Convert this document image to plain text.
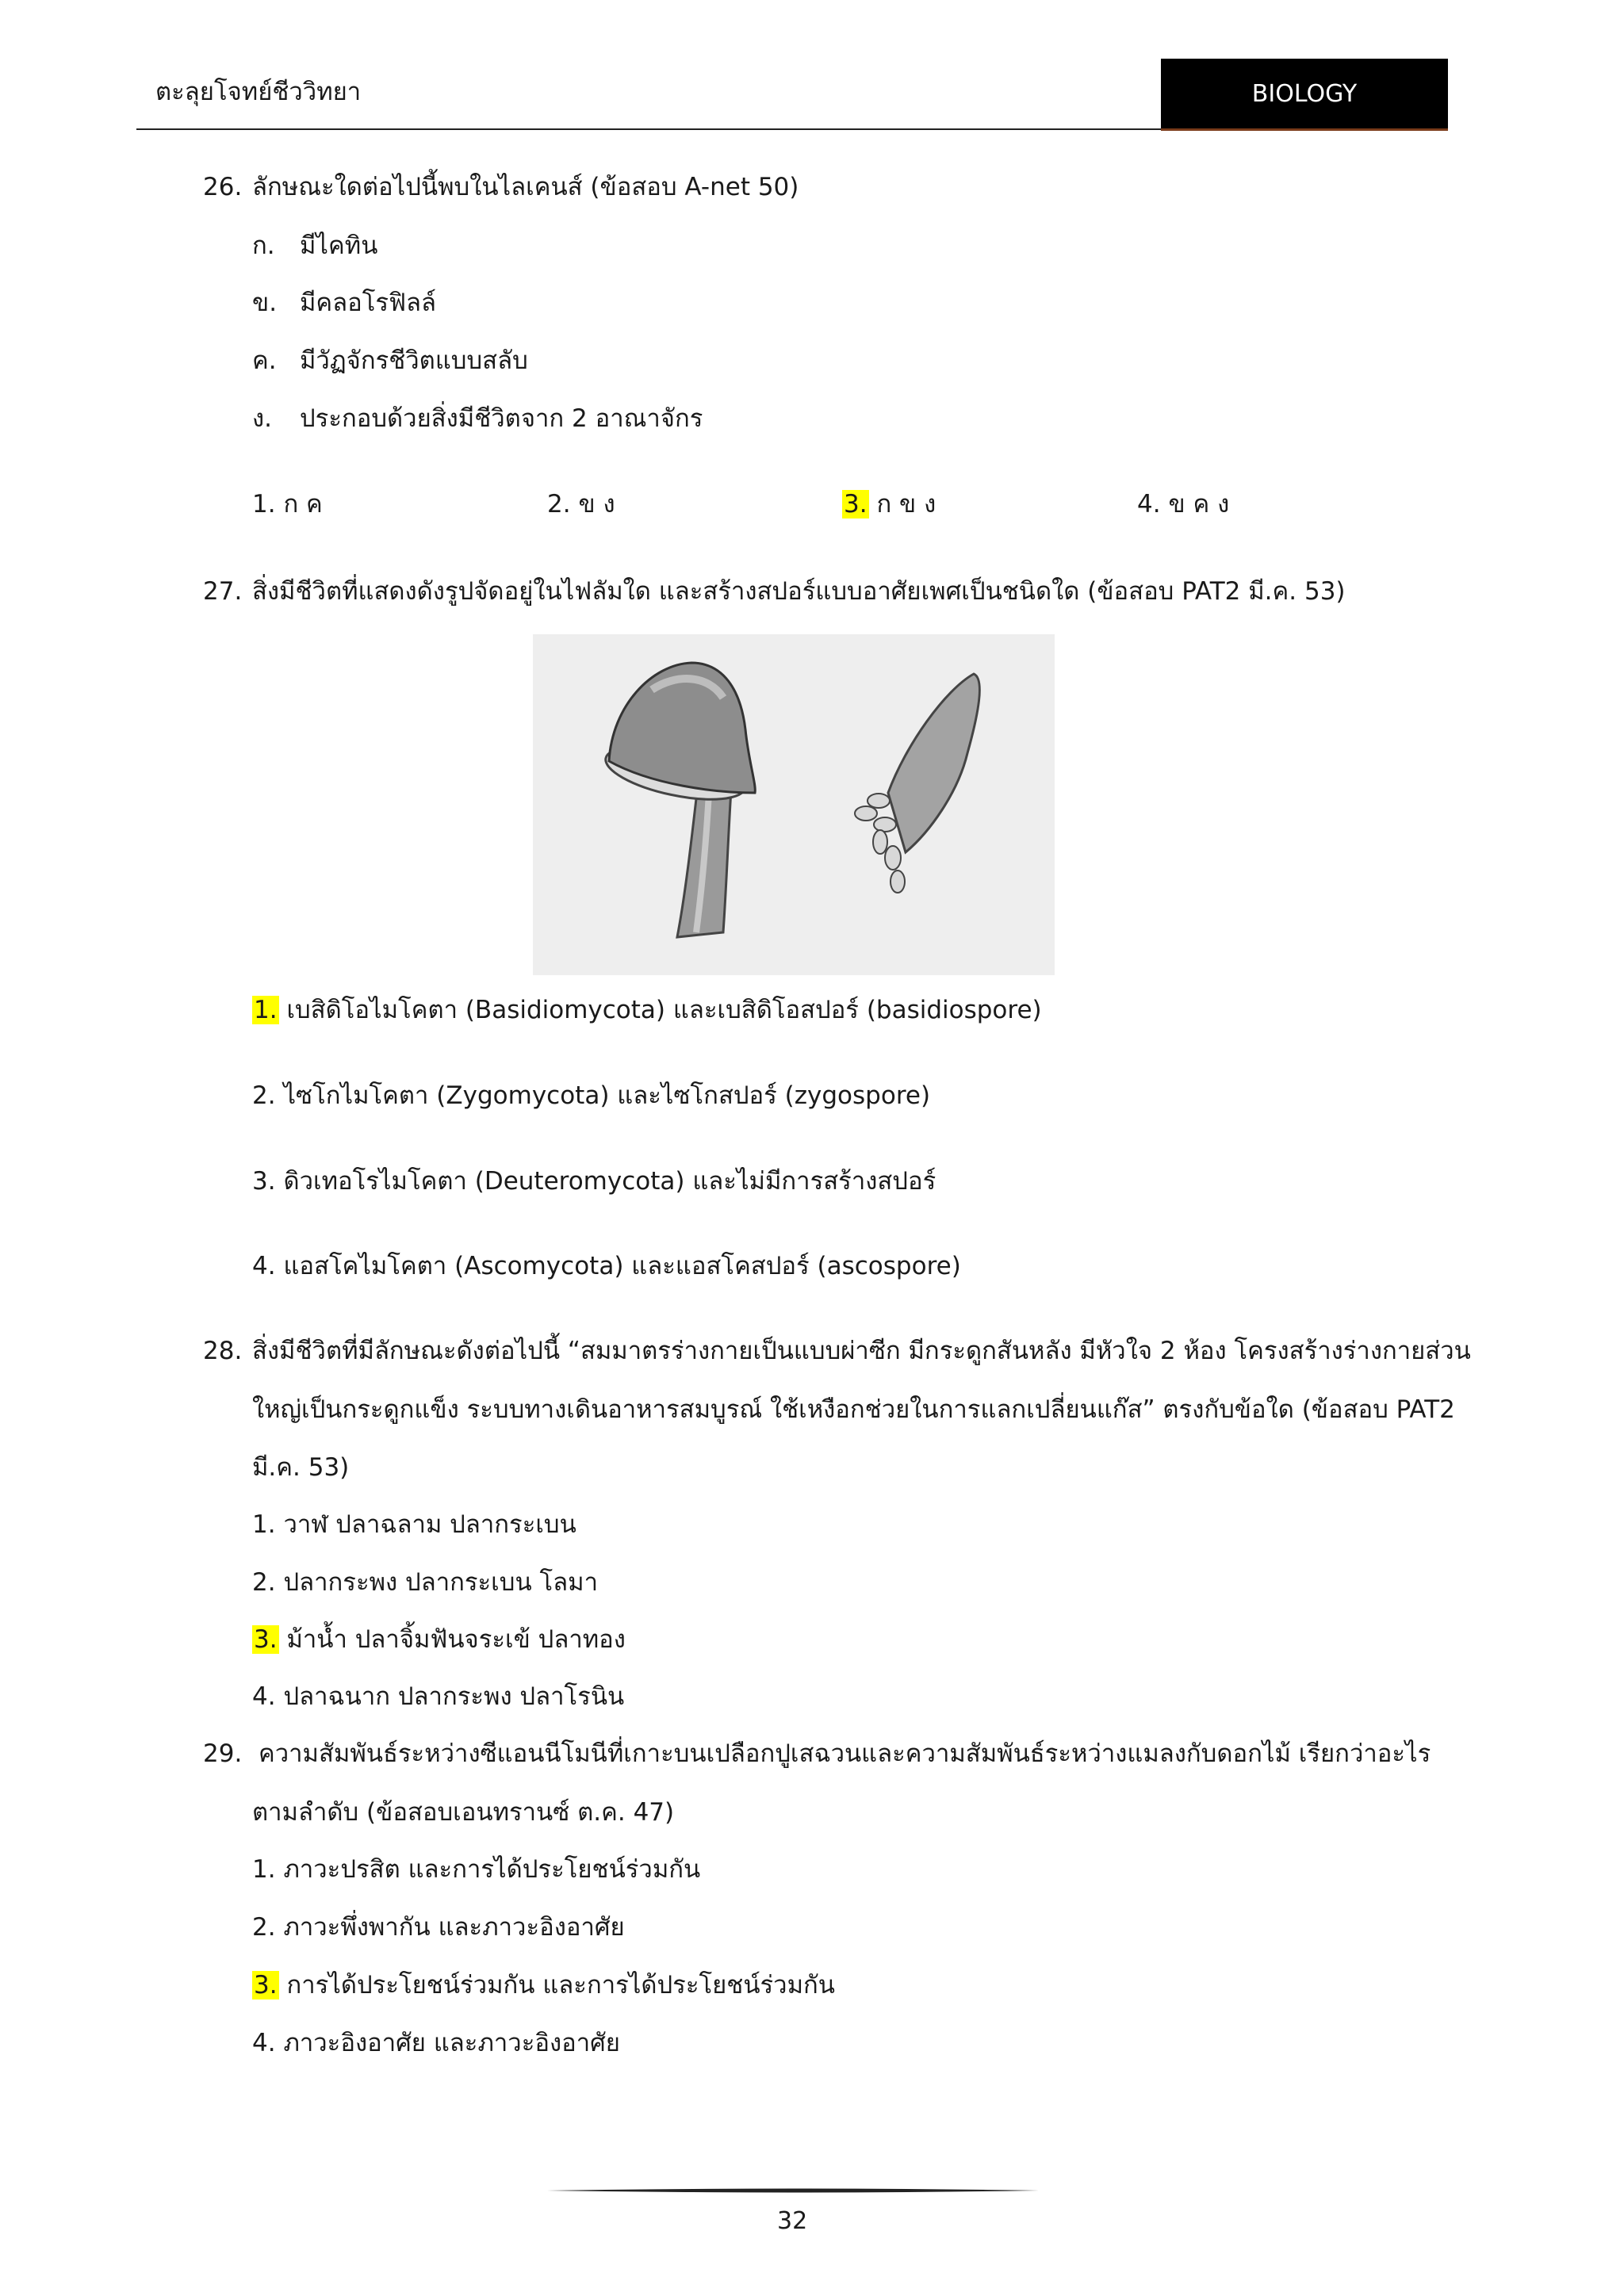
ตะลุยโจทย์ชีววิทยา	BIOLOGY
26. ลักษณะใดต่อไปนี้พบในไลเคนส์ (ข้อสอบ A-net 50)
ก. มีไคทิน
ข. มีคลอโรฟิลล์
ค. มีวัฏจักรชีวิตแบบสลับ
ง. ประกอบด้วยสิ่งมีชีวิตจาก 2 อาณาจักร
1. ก ค	2. ข ง	3. ก ข ง	4. ข ค ง
27. สิ่งมีชีวิตที่แสดงดังรูปจัดอยู่ในไฟลัมใด และสร้างสปอร์แบบอาศัยเพศเป็นชนิดใด (ข้อสอบ PAT2 มี.ค. 53)
1. เบสิดิโอไมโคตา (Basidiomycota) และเบสิดิโอสปอร์ (basidiospore)
2. ไซโกไมโคตา (Zygomycota) และไซโกสปอร์ (zygospore)
3. ดิวเทอโรไมโคตา (Deuteromycota) และไม่มีการสร้างสปอร์
4. แอสโคไมโคตา (Ascomycota) และแอสโคสปอร์ (ascospore)
28. สิ่งมีชีวิตที่มีลักษณะดังต่อไปนี้ “สมมาตรร่างกายเป็นแบบผ่าซีก มีกระดูกสันหลัง มีหัวใจ 2 ห้อง โครงสร้างร่างกายส่วน
ใหญ่เป็นกระดูกแข็ง ระบบทางเดินอาหารสมบูรณ์ ใช้เหงือกช่วยในการแลกเปลี่ยนแก๊ส” ตรงกับข้อใด (ข้อสอบ PAT2
มี.ค. 53)
1. วาฬ ปลาฉลาม ปลากระเบน
2. ปลากระพง ปลากระเบน โลมา
3. ม้าน้ำ ปลาจิ้มฟันจระเข้ ปลาทอง
4. ปลาฉนาก ปลากระพง ปลาโรนิน
29. ความสัมพันธ์ระหว่างซีแอนนีโมนีที่เกาะบนเปลือกปูเสฉวนและความสัมพันธ์ระหว่างแมลงกับดอกไม้ เรียกว่าอะไร
ตามลำดับ (ข้อสอบเอนทรานซ์ ต.ค. 47)
1. ภาวะปรสิต และการได้ประโยชน์ร่วมกัน
2. ภาวะพึ่งพากัน และภาวะอิงอาศัย
3. การได้ประโยชน์ร่วมกัน และการได้ประโยชน์ร่วมกัน
4. ภาวะอิงอาศัย และภาวะอิงอาศัย
32
